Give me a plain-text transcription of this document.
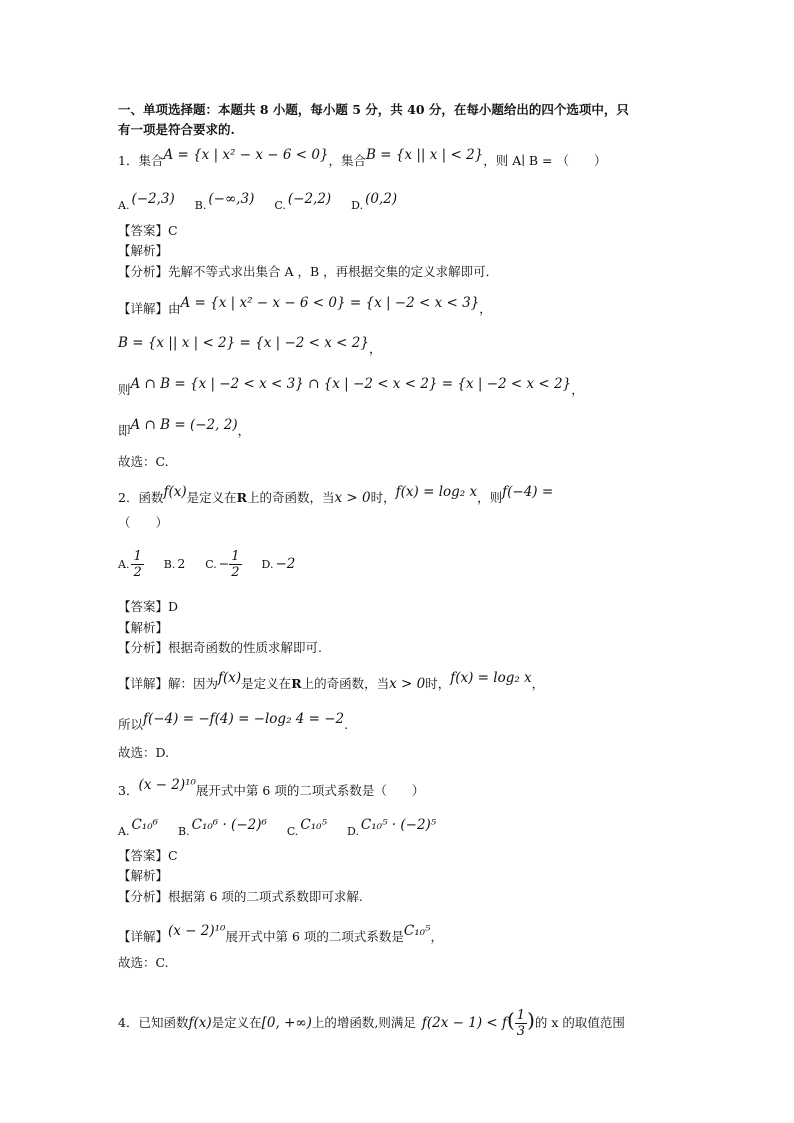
一、单项选择题：本题共 8 小题，每小题 5 分，共 40 分，在每小题给出的四个选项中，只
有一项是符合要求的.
1．集合A = {x | x² − x − 6 < 0}，集合B = {x || x | < 2}，则 A∣ B = （　　）
A. (−2,3) B. (−∞,3) C. (−2,2) D. (0,2)
【答案】C
【解析】
【分析】先解不等式求出集合 A ，B ，再根据交集的定义求解即可．
【详解】由A = {x | x² − x − 6 < 0} = {x | −2 < x < 3}，
B = {x || x | < 2} = {x | −2 < x < 2}，
则A ∩ B = {x | −2 < x < 3} ∩ {x | −2 < x < 2} = {x | −2 < x < 2}，
即A ∩ B = (−2, 2)，
故选：C.
2．函数f(x)是定义在R上的奇函数，当x > 0时，f(x) = log₂ x，则f(−4) =
（　　）
A. $\frac{1}{2} B$. 2 C. − $\frac{1}{2} D$. −2
【答案】D
【解析】
【分析】根据奇函数的性质求解即可.
【详解】解：因为f(x)是定义在R上的奇函数，当x > 0时，f(x) = log₂ x，
所以f(−4) = −f(4) = −log₂ 4 = −2.
故选：D.
3．(x − 2)¹⁰展开式中第 6 项的二项式系数是（　　）
A. C₁₀⁶ B. C₁₀⁶ · (−2)⁶ C. C₁₀⁵ D. C₁₀⁵ · (−2)⁵
【答案】C
【解析】
【分析】根据第 6 项的二项式系数即可求解.
【详解】(x − 2)¹⁰展开式中第 6 项的二项式系数是C₁₀⁵，
故选：C.
4．已知函数f(x)是定义在[0, +∞)上的增函数,则满足 $f(2x - 1) < f( \frac{1}{3}$ )的 x 的取值范围
